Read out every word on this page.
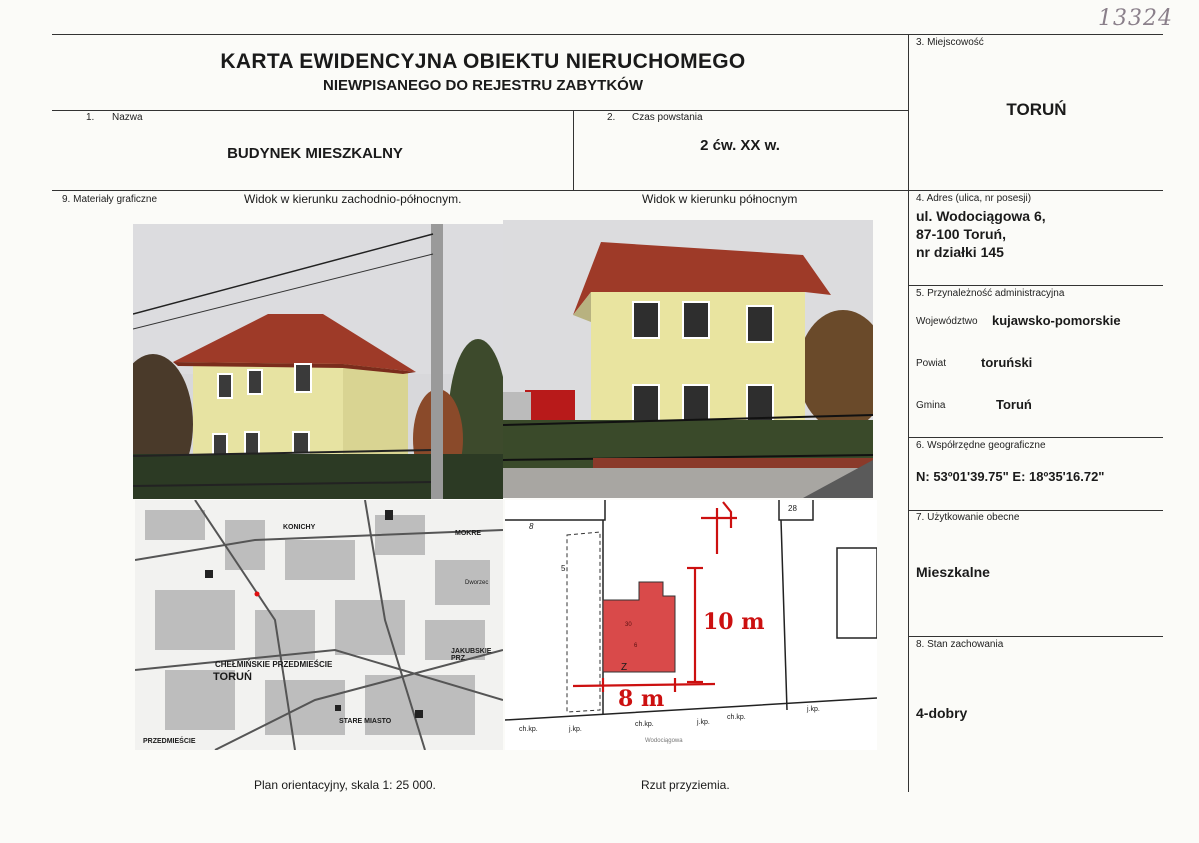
13324
KARTA EWIDENCYJNA OBIEKTU NIERUCHOMEGO
NIEWPISANEGO DO REJESTRU ZABYTKÓW
1. Nazwa
BUDYNEK MIESZKALNY
2. Czas powstania
2 ćw. XX w.
3. Miejscowość
TORUŃ
4. Adres (ulica, nr posesji)
ul. Wodociągowa 6,
87-100 Toruń,
nr działki 145
5. Przynależność administracyjna
Województwo kujawsko-pomorskie
Powiat	toruński
Gmina	Toruń
6. Współrzędne geograficzne
N: 53º01'39.75" E: 18º35'16.72"
7. Użytkowanie obecne
Mieszkalne
8. Stan zachowania
4-dobry
9. Materiały graficzne	Widok w kierunku zachodnio-północnym.	Widok w kierunku północnym
Plan orientacyjny, skala 1: 25 000.	Rzut przyziemia.
KONICHY
MOKRE
Dworzec
CHEŁMIŃSKIE PRZEDMIEŚCIE
TORUŃ
JAKUBSKIE PRZ
STARE MIASTO
PRZEDMIEŚCIE
10 m
8 m
8
28
5
30
6
Z
ch.kp.	j.kp.
ch.kp.	j.kp.
ch.kp.
j.kp.
Wodociągowa
